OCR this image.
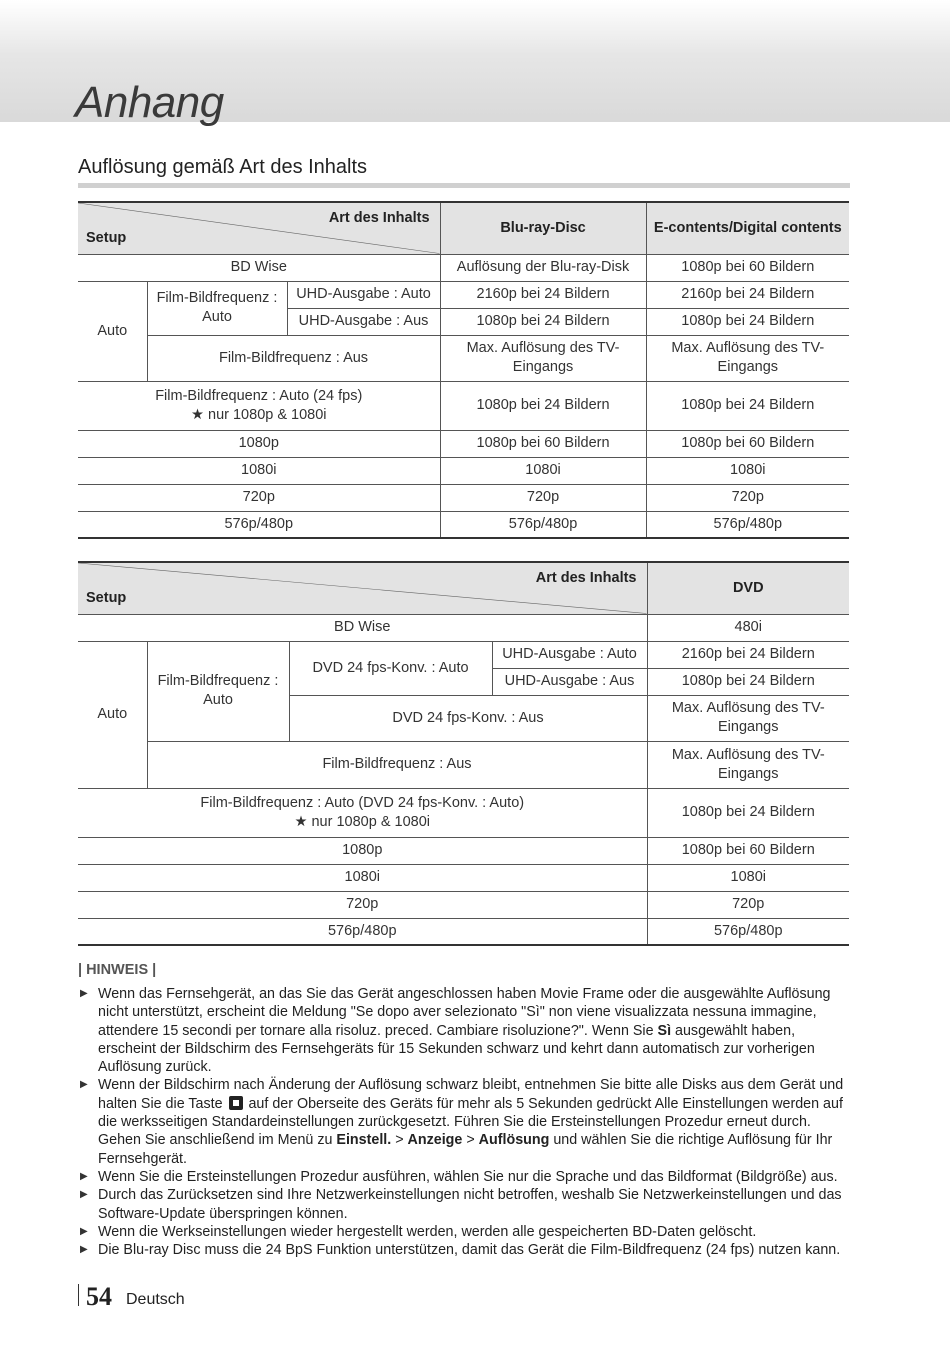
Anhang
Auflösung gemäß Art des Inhalts
Art des Inhalts
Setup			Blu-ray-Disc	E-contents/Digital contents
BD Wise			Auflösung der Blu-ray-Disk	1080p bei 60 Bildern
Auto	Film-Bildfrequenz : Auto	UHD-Ausgabe : Auto	2160p bei 24 Bildern	2160p bei 24 Bildern
		UHD-Ausgabe : Aus	1080p bei 24 Bildern	1080p bei 24 Bildern
	Film-Bildfrequenz : Aus		Max. Auflösung des TV-Eingangs	Max. Auflösung des TV-Eingangs

Film-Bildfrequenz : Auto (24 fps)
★ nur 1080p & 1080i			1080p bei 24 Bildern	1080p bei 24 Bildern
1080p			1080p bei 60 Bildern	1080p bei 60 Bildern
1080i			1080i	1080i
720p			720p	720p
576p/480p			576p/480p	576p/480p
Art des Inhalts
Setup				DVD
BD Wise				480i
Auto	Film-Bildfrequenz : Auto	DVD 24 fps-Konv. : Auto	UHD-Ausgabe : Auto	2160p bei 24 Bildern
			UHD-Ausgabe : Aus	1080p bei 24 Bildern
		DVD 24 fps-Konv. : Aus		Max. Auflösung des TV-Eingangs
	Film-Bildfrequenz : Aus			Max. Auflösung des TV-Eingangs

Film-Bildfrequenz : Auto (DVD 24 fps-Konv. : Auto)
★ nur 1080p & 1080i				1080p bei 24 Bildern
1080p				1080p bei 60 Bildern
1080i				1080i
720p				720p
576p/480p				576p/480p
| HINWEIS |
▶ Wenn das Fernsehgerät, an das Sie das Gerät angeschlossen haben Movie Frame oder die ausgewählte Auflösung nicht unterstützt, erscheint die Meldung "Se dopo aver selezionato "Sì" non viene visualizzata nessuna immagine, attendere 15 secondi per tornare alla risoluz. preced. Cambiare risoluzione?". Wenn Sie Sì ausgewählt haben, erscheint der Bildschirm des Fernsehgeräts für 15 Sekunden schwarz und kehrt dann automatisch zur vorherigen Auflösung zurück.
▶ Wenn der Bildschirm nach Änderung der Auflösung schwarz bleibt, entnehmen Sie bitte alle Disks aus dem Gerät und halten Sie die Taste  auf der Oberseite des Geräts für mehr als 5 Sekunden gedrückt Alle Einstellungen werden auf die werksseitigen Standardeinstellungen zurückgesetzt. Führen Sie die Ersteinstellungen Prozedur erneut durch. Gehen Sie anschließend im Menü zu Einstell. > Anzeige > Auflösung und wählen Sie die richtige Auflösung für Ihr Fernsehgerät.
▶ Wenn Sie die Ersteinstellungen Prozedur ausführen, wählen Sie nur die Sprache und das Bildformat (Bildgröße) aus.
▶ Durch das Zurücksetzen sind Ihre Netzwerkeinstellungen nicht betroffen, weshalb Sie Netzwerkeinstellungen und das Software-Update überspringen können.
▶ Wenn die Werkseinstellungen wieder hergestellt werden, werden alle gespeicherten BD-Daten gelöscht.
▶ Die Blu-ray Disc muss die 24 BpS Funktion unterstützen, damit das Gerät die Film-Bildfrequenz (24 fps) nutzen kann.
54 Deutsch
